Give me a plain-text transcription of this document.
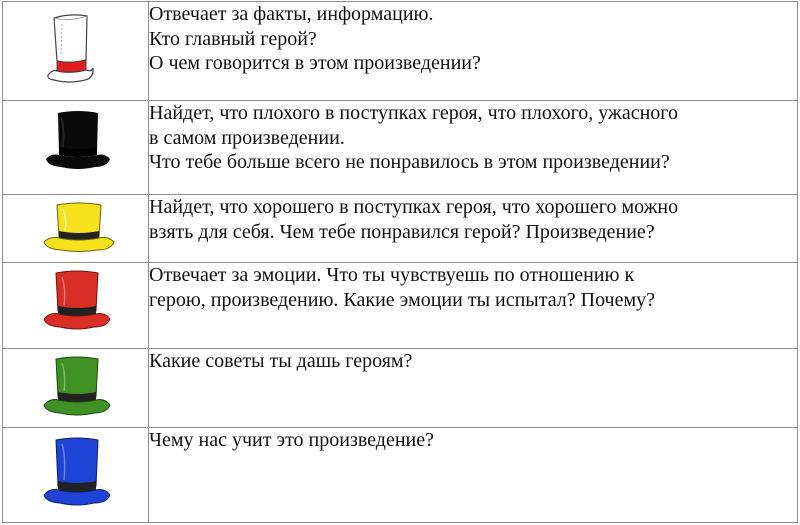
Отвечает за факты, информацию.
Кто главный герой?
О чем говорится в этом произведении?

Найдет, что плохого в поступках героя, что плохого, ужасного
в самом произведении.
Что тебе больше всего не понравилось в этом произведении?

Найдет, что хорошего в поступках героя, что хорошего можно
взять для себя. Чем тебе понравился герой? Произведение?

Отвечает за эмоции. Что ты чувствуешь по отношению к
герою, произведению. Какие эмоции ты испытал? Почему?

Какие советы ты дашь героям?

Чему нас учит это произведение?
